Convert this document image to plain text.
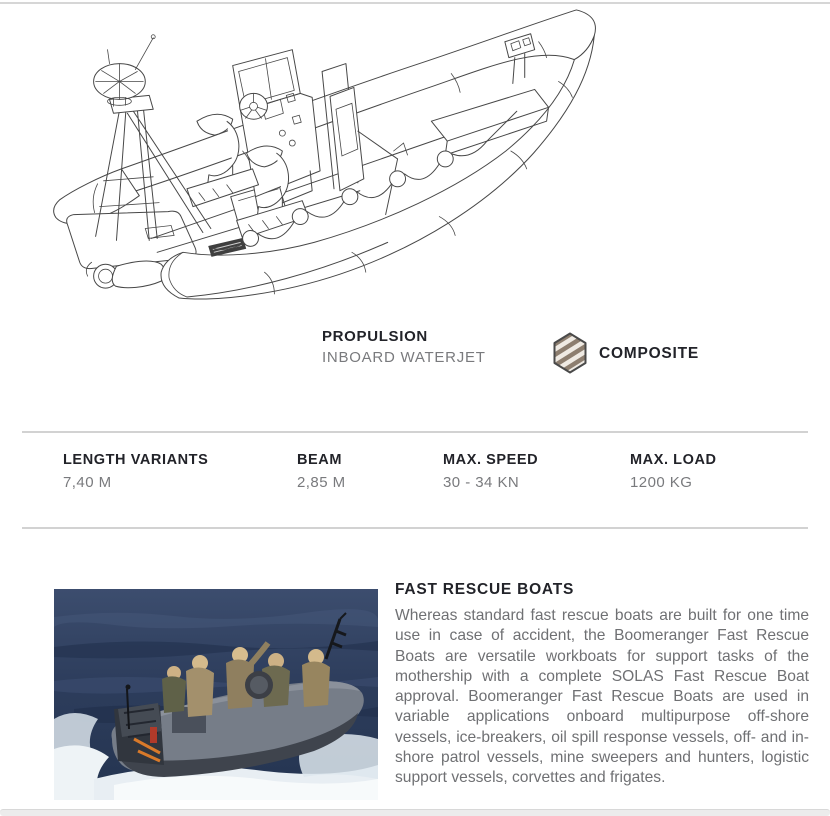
PROPULSION
INBOARD WATERJET	COMPOSITE
LENGTH VARIANTS
7,40 M
BEAM
2,85 M
MAX. SPEED
30 - 34 KN
MAX. LOAD
1200 KG
FAST RESCUE BOATS
Whereas standard fast rescue boats are built for one time use in case of accident, the Boomeranger Fast Rescue Boats are versatile workboats for support tasks of the mothership with a complete SOLAS Fast Rescue Boat approval. Boomeranger Fast Rescue Boats are used in variable applications onboard multipurpose off-shore vessels, ice-breakers, oil spill response vessels, off- and in-shore patrol vessels, mine sweepers and hunters, logistic support vessels, corvettes and frigates.
